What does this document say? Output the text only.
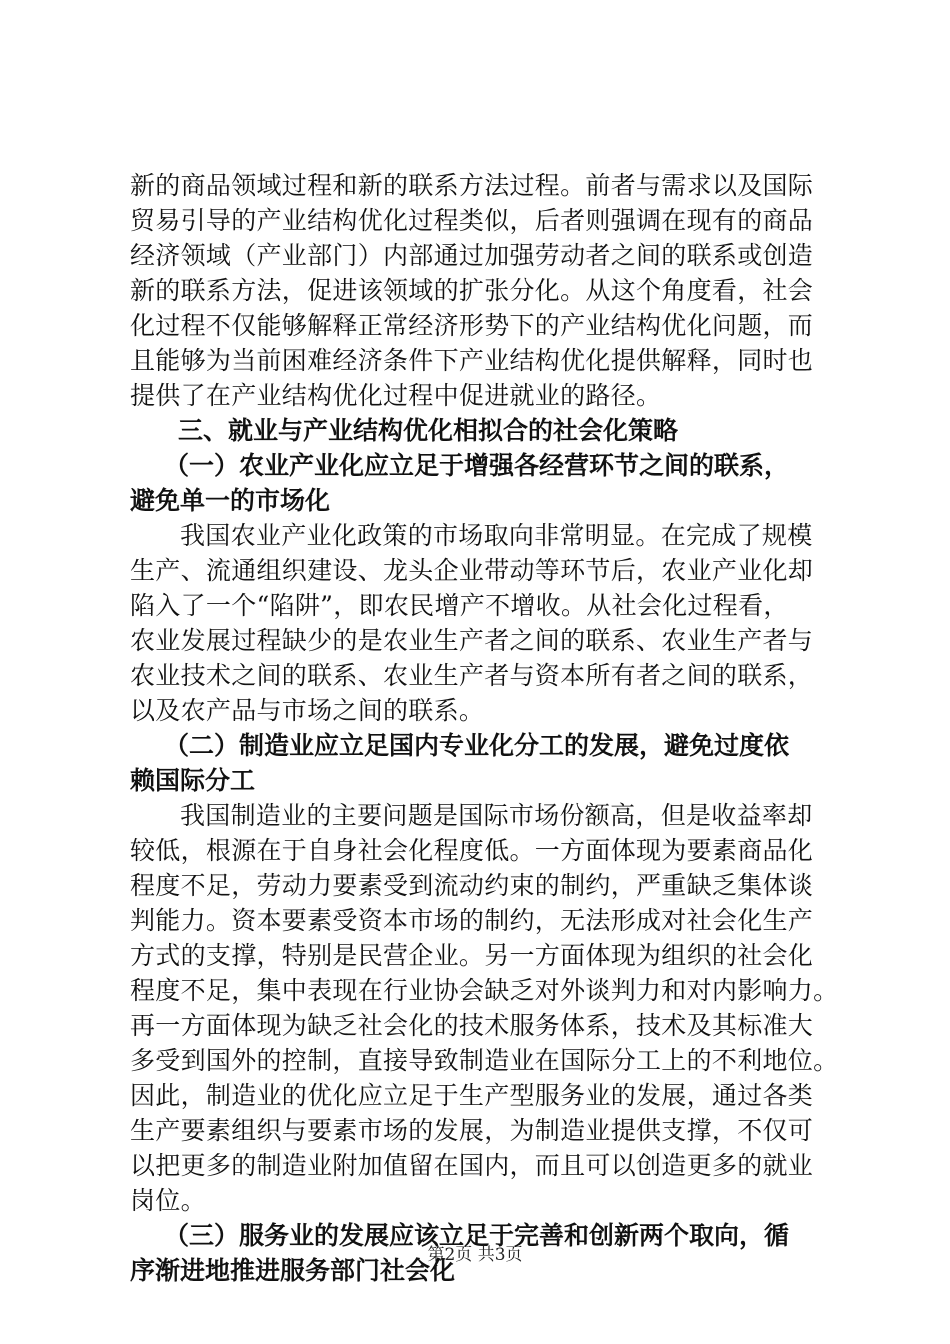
新的商品领域过程和新的联系方法过程。前者与需求以及国际
贸易引导的产业结构优化过程类似，后者则强调在现有的商品
经济领域（产业部门）内部通过加强劳动者之间的联系或创造
新的联系方法，促进该领域的扩张分化。从这个角度看，社会
化过程不仅能够解释正常经济形势下的产业结构优化问题，而
且能够为当前困难经济条件下产业结构优化提供解释，同时也
提供了在产业结构优化过程中促进就业的路径。
三、就业与产业结构优化相拟合的社会化策略
（一）农业产业化应立足于增强各经营环节之间的联系，
避免单一的市场化
我国农业产业化政策的市场取向非常明显。在完成了规模
生产、流通组织建设、龙头企业带动等环节后，农业产业化却
陷入了一个“陷阱”，即农民增产不增收。从社会化过程看，
农业发展过程缺少的是农业生产者之间的联系、农业生产者与
农业技术之间的联系、农业生产者与资本所有者之间的联系，
以及农产品与市场之间的联系。
（二）制造业应立足国内专业化分工的发展，避免过度依
赖国际分工
我国制造业的主要问题是国际市场份额高，但是收益率却
较低，根源在于自身社会化程度低。一方面体现为要素商品化
程度不足，劳动力要素受到流动约束的制约，严重缺乏集体谈
判能力。资本要素受资本市场的制约，无法形成对社会化生产
方式的支撑，特别是民营企业。另一方面体现为组织的社会化
程度不足，集中表现在行业协会缺乏对外谈判力和对内影响力。
再一方面体现为缺乏社会化的技术服务体系，技术及其标准大
多受到国外的控制，直接导致制造业在国际分工上的不利地位。
因此，制造业的优化应立足于生产型服务业的发展，通过各类
生产要素组织与要素市场的发展，为制造业提供支撑，不仅可
以把更多的制造业附加值留在国内，而且可以创造更多的就业
岗位。
（三）服务业的发展应该立足于完善和创新两个取向，循
序渐进地推进服务部门社会化
第2页 共3页
